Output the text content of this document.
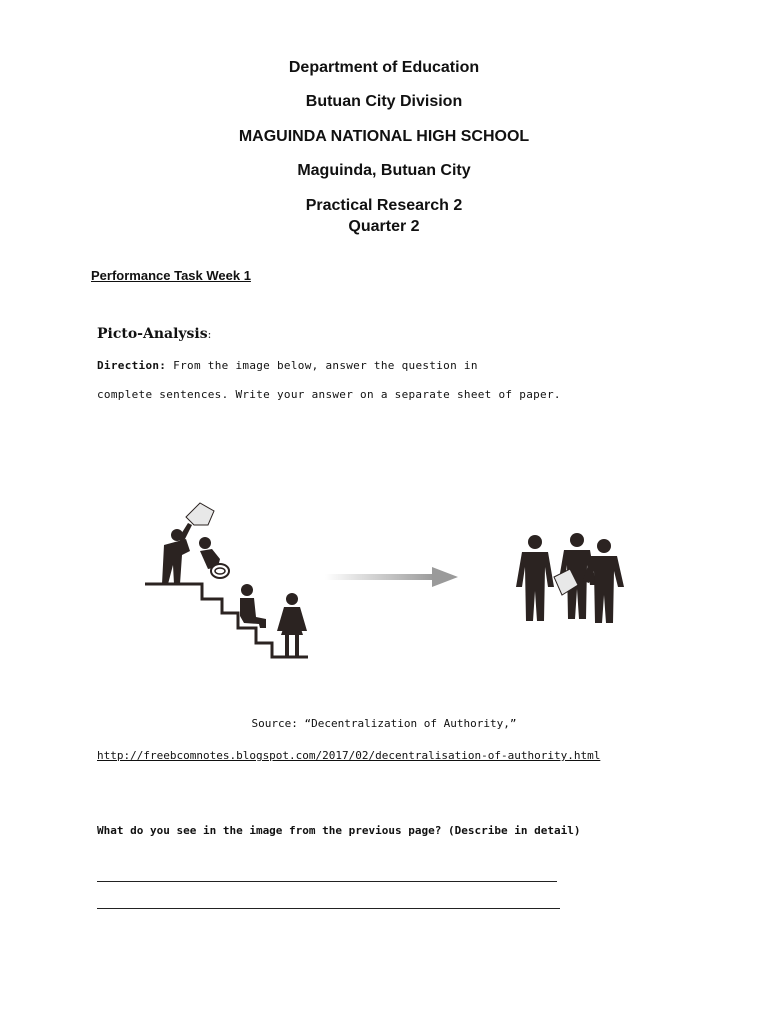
Department of Education
Butuan City Division
MAGUINDA NATIONAL HIGH SCHOOL
Maguinda, Butuan City
Practical Research 2
Quarter 2
Performance Task Week 1
Picto-Analysis:
Direction: From the image below, answer the question in
complete sentences. Write your answer on a separate sheet of paper.
Source: “Decentralization of Authority,”
http://freebcomnotes.blogspot.com/2017/02/decentralisation-of-authority.html
What do you see in the image from the previous page? (Describe in detail)
